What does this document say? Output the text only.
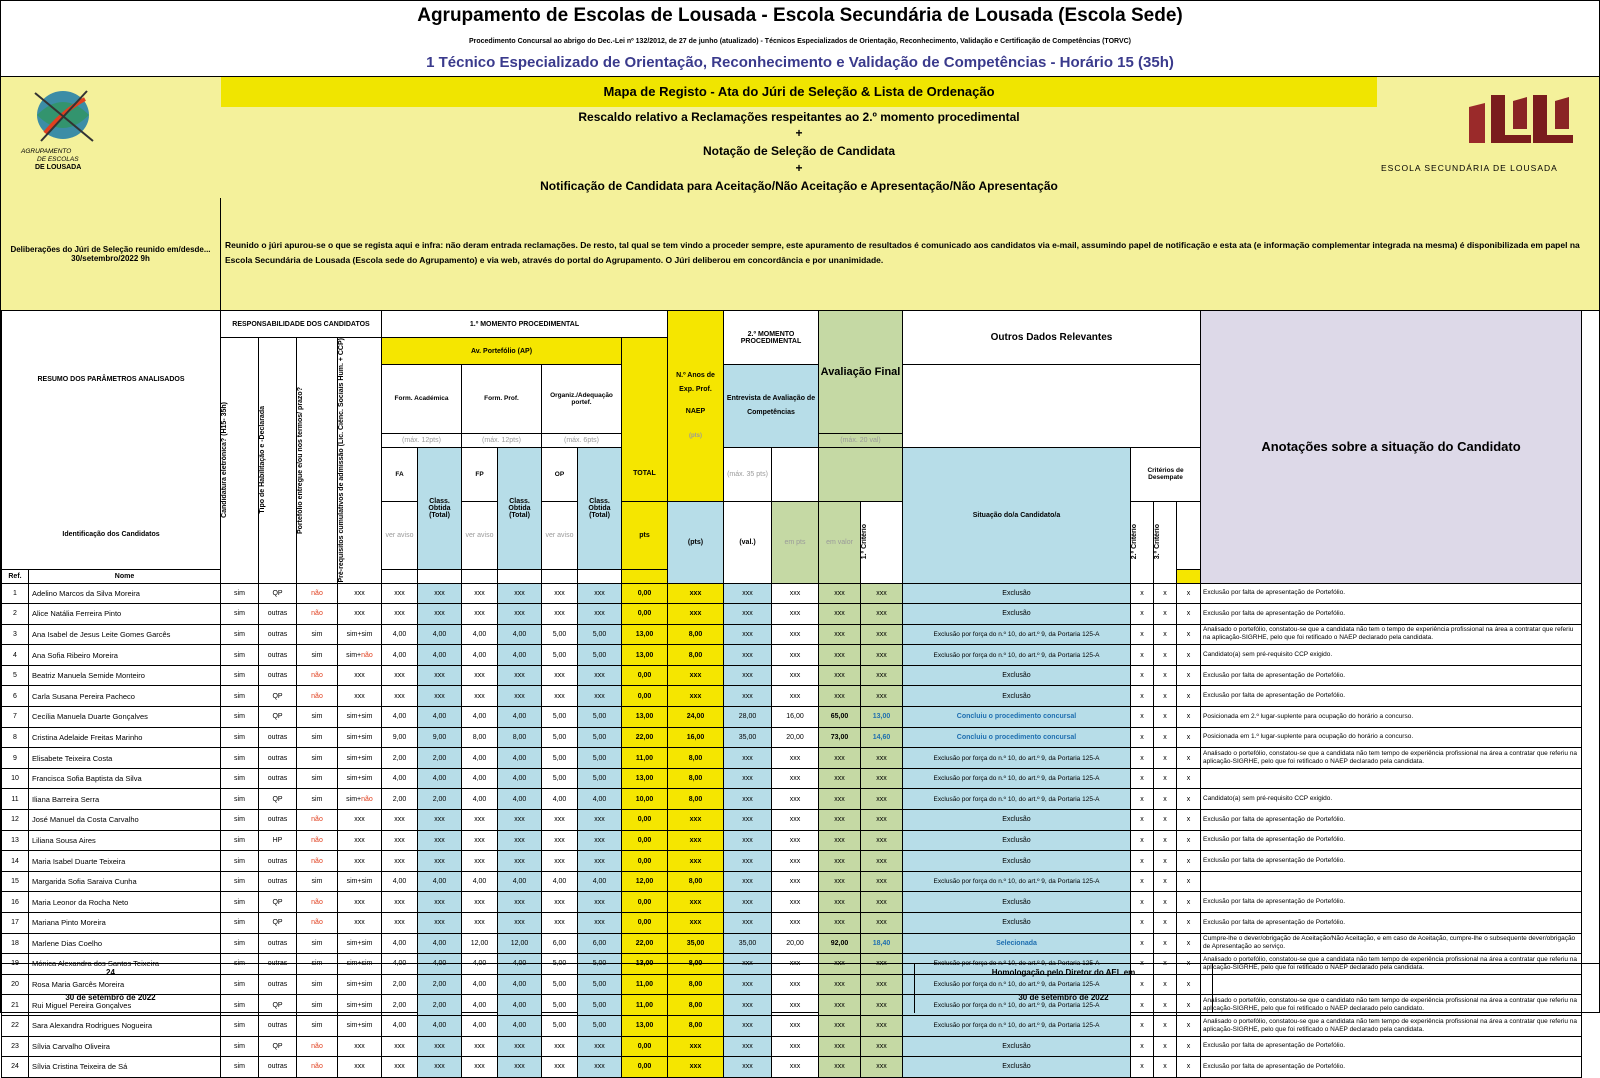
Agrupamento de Escolas de Lousada - Escola Secundária de Lousada (Escola Sede)
Procedimento Concursal ao abrigo do Dec.-Lei nº 132/2012, de 27 de junho (atualizado) - Técnicos Especializados de Orientação, Reconhecimento, Validação e Certificação de Competências (TORVC)
1 Técnico Especializado de Orientação, Reconhecimento e Validação de Competências - Horário 15 (35h)
Mapa de Registo - Ata do Júri de Seleção & Lista de Ordenação
Rescaldo relativo a Reclamações respeitantes ao 2.º momento procedimental
+
Notação de Seleção de Candidata
+
Notificação de Candidata para Aceitação/Não Aceitação e Apresentação/Não Apresentação
AGRUPAMENTO
DE ESCOLAS
DE LOUSADA	ESCOLA SECUNDÁRIA DE LOUSADA
Deliberações do Júri de Seleção reunido em/desde... 30/setembro/2022 9h
Reunido o júri apurou-se o que se regista aqui e infra: não deram entrada reclamações. De resto, tal qual se tem vindo a proceder sempre, este apuramento de resultados é comunicado aos candidatos via e-mail, assumindo papel de notificação e esta ata (e informação complementar integrada na mesma) é disponibilizada em papel na Escola Secundária de Lousada (Escola sede do Agrupamento) e via web, através do portal do Agrupamento. O Júri deliberou em concordância e por unanimidade.
RESUMO DOS PARÂMETROS ANALISADOS		RESPONSABILIDADE DOS CANDIDATOS				1.º MOMENTO PROCEDIMENTAL							N.º Anos de Exp. Prof.
NAEP
(pts)	2.º MOMENTO PROCEDIMENTAL		Avaliação Final		Outros Dados Relevantes				Anotações sobre a situação do Candidato

		Candidatura eletrónica? (H15- 35h)	Tipo de Habilitação e -Declarada	Portefólio entregue e/ou nos termos/ prazo?	Pré-requisitos cumulativos de admissão (Lic. Ciênc. Sociais Hum. + CCP)	Av. Portefólio (AP)																
						Form. Académica		Form. Prof.		Organiz./Adequação portef.				Entrevista de Avaliação de Competências								
						(máx. 12pts)		(máx. 12pts)		(máx. 6pts)						(máx. 20 val)						
						FA	Class. Obtida (Total)	FP	Class. Obtida (Total)	OP	Class. Obtida (Total)	TOTAL		(máx. 35 pts)				Situação do/a Candidato/a	Critérios de Desempate			
Identificação dos Candidatos						ver aviso		ver aviso		ver aviso		pts	(pts)	(val.)	em pts	em valor	1.º Critério		2.º Critério	3.º Critério		

Ref.	Nome																					
1	Adelino Marcos da Silva Moreira	sim	QP	não	xxx	xxx	xxx	xxx	xxx	xxx	xxx	0,00	xxx	xxx	xxx	xxx	xxx	Exclusão	x	x	x	Exclusão por falta de apresentação de Portefólio.
2	Alice Natália Ferreira Pinto	sim	outras	não	xxx	xxx	xxx	xxx	xxx	xxx	xxx	0,00	xxx	xxx	xxx	xxx	xxx	Exclusão	x	x	x	Exclusão por falta de apresentação de Portefólio.
3	Ana Isabel de Jesus Leite Gomes Garcês	sim	outras	sim	sim+sim	4,00	4,00	4,00	4,00	5,00	5,00	13,00	8,00	xxx	xxx	xxx	xxx	Exclusão por força do n.º 10, do art.º 9, da Portaria 125-A	x	x	x	Analisado o portefólio, constatou-se que a candidata não tem o tempo de experiência profissional na área a contratar que referiu na aplicação-SIGRHE, pelo que foi retificado o NAEP declarado pela candidata.
4	Ana Sofia Ribeiro Moreira	sim	outras	sim	sim+não	4,00	4,00	4,00	4,00	5,00	5,00	13,00	8,00	xxx	xxx	xxx	xxx	Exclusão por força do n.º 10, do art.º 9, da Portaria 125-A	x	x	x	Candidato(a) sem pré-requisito CCP exigido.
5	Beatriz Manuela Semide Monteiro	sim	outras	não	xxx	xxx	xxx	xxx	xxx	xxx	xxx	0,00	xxx	xxx	xxx	xxx	xxx	Exclusão	x	x	x	Exclusão por falta de apresentação de Portefólio.
6	Carla Susana Pereira Pacheco	sim	QP	não	xxx	xxx	xxx	xxx	xxx	xxx	xxx	0,00	xxx	xxx	xxx	xxx	xxx	Exclusão	x	x	x	Exclusão por falta de apresentação de Portefólio.
7	Cecília Manuela Duarte Gonçalves	sim	QP	sim	sim+sim	4,00	4,00	4,00	4,00	5,00	5,00	13,00	24,00	28,00	16,00	65,00	13,00	Concluiu o procedimento concursal	x	x	x	Posicionada em 2.º lugar-suplente para ocupação do horário a concurso.
8	Cristina Adelaide Freitas Marinho	sim	outras	sim	sim+sim	9,00	9,00	8,00	8,00	5,00	5,00	22,00	16,00	35,00	20,00	73,00	14,60	Concluiu o procedimento concursal	x	x	x	Posicionada em 1.º lugar-suplente para ocupação do horário a concurso.
9	Elisabete Teixeira Costa	sim	outras	sim	sim+sim	2,00	2,00	4,00	4,00	5,00	5,00	11,00	8,00	xxx	xxx	xxx	xxx	Exclusão por força do n.º 10, do art.º 9, da Portaria 125-A	x	x	x	Analisado o portefólio, constatou-se que a candidata não tem tempo de experiência profissional na área a contratar que referiu na aplicação-SIGRHE, pelo que foi retificado o NAEP declarado pela candidata.
10	Francisca Sofia Baptista da Silva	sim	outras	sim	sim+sim	4,00	4,00	4,00	4,00	5,00	5,00	13,00	8,00	xxx	xxx	xxx	xxx	Exclusão por força do n.º 10, do art.º 9, da Portaria 125-A	x	x	x	
11	Iliana Barreira Serra	sim	QP	sim	sim+não	2,00	2,00	4,00	4,00	4,00	4,00	10,00	8,00	xxx	xxx	xxx	xxx	Exclusão por força do n.º 10, do art.º 9, da Portaria 125-A	x	x	x	Candidato(a) sem pré-requisito CCP exigido.
12	José Manuel da Costa Carvalho	sim	outras	não	xxx	xxx	xxx	xxx	xxx	xxx	xxx	0,00	xxx	xxx	xxx	xxx	xxx	Exclusão	x	x	x	Exclusão por falta de apresentação de Portefólio.
13	Liliana Sousa Aires	sim	HP	não	xxx	xxx	xxx	xxx	xxx	xxx	xxx	0,00	xxx	xxx	xxx	xxx	xxx	Exclusão	x	x	x	Exclusão por falta de apresentação de Portefólio.
14	Maria Isabel Duarte Teixeira	sim	outras	não	xxx	xxx	xxx	xxx	xxx	xxx	xxx	0,00	xxx	xxx	xxx	xxx	xxx	Exclusão	x	x	x	Exclusão por falta de apresentação de Portefólio.
15	Margarida Sofia Saraiva Cunha	sim	outras	sim	sim+sim	4,00	4,00	4,00	4,00	4,00	4,00	12,00	8,00	xxx	xxx	xxx	xxx	Exclusão por força do n.º 10, do art.º 9, da Portaria 125-A	x	x	x	
16	Maria Leonor da Rocha Neto	sim	QP	não	xxx	xxx	xxx	xxx	xxx	xxx	xxx	0,00	xxx	xxx	xxx	xxx	xxx	Exclusão	x	x	x	Exclusão por falta de apresentação de Portefólio.
17	Mariana Pinto Moreira	sim	QP	não	xxx	xxx	xxx	xxx	xxx	xxx	xxx	0,00	xxx	xxx	xxx	xxx	xxx	Exclusão	x	x	x	Exclusão por falta de apresentação de Portefólio.
18	Marlene Dias Coelho	sim	outras	sim	sim+sim	4,00	4,00	12,00	12,00	6,00	6,00	22,00	35,00	35,00	20,00	92,00	18,40	Selecionada	x	x	x	Cumpre-lhe o dever/obrigação de Aceitação/Não Aceitação, e em caso de Aceitação, cumpre-lhe o subsequente dever/obrigação de Apresentação ao serviço.
19	Mónica Alexandra dos Santos Teixeira	sim	outras	sim	sim+sim	4,00	4,00	4,00	4,00	5,00	5,00	13,00	8,00	xxx	xxx	xxx	xxx	Exclusão por força do n.º 10, do art.º 9, da Portaria 125-A	x	x	x	Analisado o portefólio, constatou-se que a candidata não tem tempo de experiência profissional na área a contratar que referiu na aplicação-SIGRHE, pelo que foi retificado o NAEP declarado pela candidata.
20	Rosa Maria Garcês Moreira	sim	outras	sim	sim+sim	2,00	2,00	4,00	4,00	5,00	5,00	11,00	8,00	xxx	xxx	xxx	xxx	Exclusão por força do n.º 10, do art.º 9, da Portaria 125-A	x	x	x	
21	Rui Miguel Pereira Gonçalves	sim	QP	sim	sim+sim	2,00	2,00	4,00	4,00	5,00	5,00	11,00	8,00	xxx	xxx	xxx	xxx	Exclusão por força do n.º 10, do art.º 9, da Portaria 125-A	x	x	x	Analisado o portefólio, constatou-se que o candidato não tem tempo de experiência profissional na área a contratar que referiu na aplicação-SIGRHE, pelo que foi retificado o NAEP declarado pelo candidato.
22	Sara Alexandra Rodrigues Nogueira	sim	outras	sim	sim+sim	4,00	4,00	4,00	4,00	5,00	5,00	13,00	8,00	xxx	xxx	xxx	xxx	Exclusão por força do n.º 10, do art.º 9, da Portaria 125-A	x	x	x	Analisado o portefólio, constatou-se que a candidata não tem tempo de experiência profissional na área a contratar que referiu na aplicação-SIGRHE, pelo que foi retificado o NAEP declarado pela candidata.
23	Sílvia Carvalho Oliveira	sim	QP	não	xxx	xxx	xxx	xxx	xxx	xxx	xxx	0,00	xxx	xxx	xxx	xxx	xxx	Exclusão	x	x	x	Exclusão por falta de apresentação de Portefólio.
24	Sílvia Cristina Teixeira de Sá	sim	outras	não	xxx	xxx	xxx	xxx	xxx	xxx	xxx	0,00	xxx	xxx	xxx	xxx	xxx	Exclusão	x	x	x	Exclusão por falta de apresentação de Portefólio.
24
30 de setembro de 2022
Homologação pelo Diretor do AEL em
30 de setembro de 2022
